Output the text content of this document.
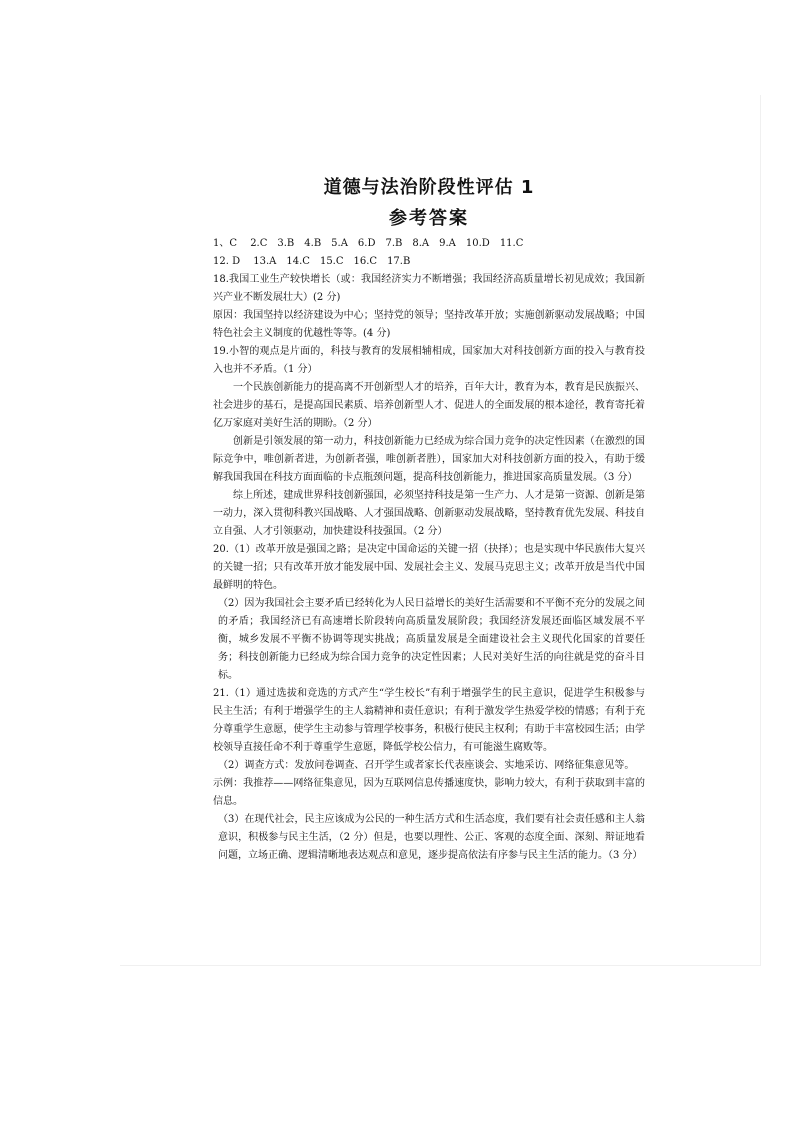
道德与法治阶段性评估 1
参考答案

1、C　 2.C　3.B　4.B　5.A　6.D　7.B　8.A　9.A　10.D　11.C

12. D　 13.A　14.C　15.C　16.C　17.B

18.我国工业生产较快增长（或：我国经济实力不断增强；我国经济高质量增长初见成效；我国新兴产业不断发展壮大）(2 分)

原因：我国坚持以经济建设为中心；坚持党的领导；坚持改革开放；实施创新驱动发展战略；中国特色社会主义制度的优越性等等。(4 分)

19.小智的观点是片面的，科技与教育的发展相辅相成，国家加大对科技创新方面的投入与教育投入也并不矛盾。（1 分）

一个民族创新能力的提高离不开创新型人才的培养，百年大计，教育为本，教育是民族振兴、社会进步的基石，是提高国民素质、培养创新型人才、促进人的全面发展的根本途径，教育寄托着亿万家庭对美好生活的期盼。（2 分）

创新是引领发展的第一动力，科技创新能力已经成为综合国力竞争的决定性因素（在激烈的国际竞争中，唯创新者进，为创新者强，唯创新者胜），国家加大对科技创新方面的投入，有助于缓解我国我国在科技方面面临的卡点瓶颈问题，提高科技创新能力，推进国家高质量发展。（3 分）

综上所述，建成世界科技创新强国，必须坚持科技是第一生产力、人才是第一资源、创新是第一动力，深入贯彻科教兴国战略、人才强国战略、创新驱动发展战略，坚持教育优先发展、科技自立自强、人才引领驱动，加快建设科技强国。（2 分）

20.（1）改革开放是强国之路；是决定中国命运的关键一招（抉择）；也是实现中华民族伟大复兴的关键一招；只有改革开放才能发展中国、发展社会主义、发展马克思主义；改革开放是当代中国最鲜明的特色。

（2）因为我国社会主要矛盾已经转化为人民日益增长的美好生活需要和不平衡不充分的发展之间的矛盾；我国经济已有高速增长阶段转向高质量发展阶段；我国经济发展还面临区域发展不平衡，城乡发展不平衡不协调等现实挑战；高质量发展是全面建设社会主义现代化国家的首要任务；科技创新能力已经成为综合国力竞争的决定性因素；人民对美好生活的向往就是党的奋斗目标。

21.（1）通过选拔和竞选的方式产生“学生校长”有利于增强学生的民主意识，促进学生积极参与民主生活；有利于增强学生的主人翁精神和责任意识；有利于激发学生热爱学校的情感；有利于充分尊重学生意愿，使学生主动参与管理学校事务，积极行使民主权利；有助于丰富校园生活；由学校领导直接任命不利于尊重学生意愿，降低学校公信力，有可能滋生腐败等。

（2）调查方式：发放问卷调查、召开学生或者家长代表座谈会、实地采访、网络征集意见等。

示例：我推荐——网络征集意见，因为互联网信息传播速度快，影响力较大，有利于获取到丰富的信息。

（3）在现代社会，民主应该成为公民的一种生活方式和生活态度，我们要有社会责任感和主人翁意识，积极参与民主生活，（2 分）但是，也要以理性、公正、客观的态度全面、深刻、辩证地看问题，立场正确、逻辑清晰地表达观点和意见，逐步提高依法有序参与民主生活的能力。（3 分）
